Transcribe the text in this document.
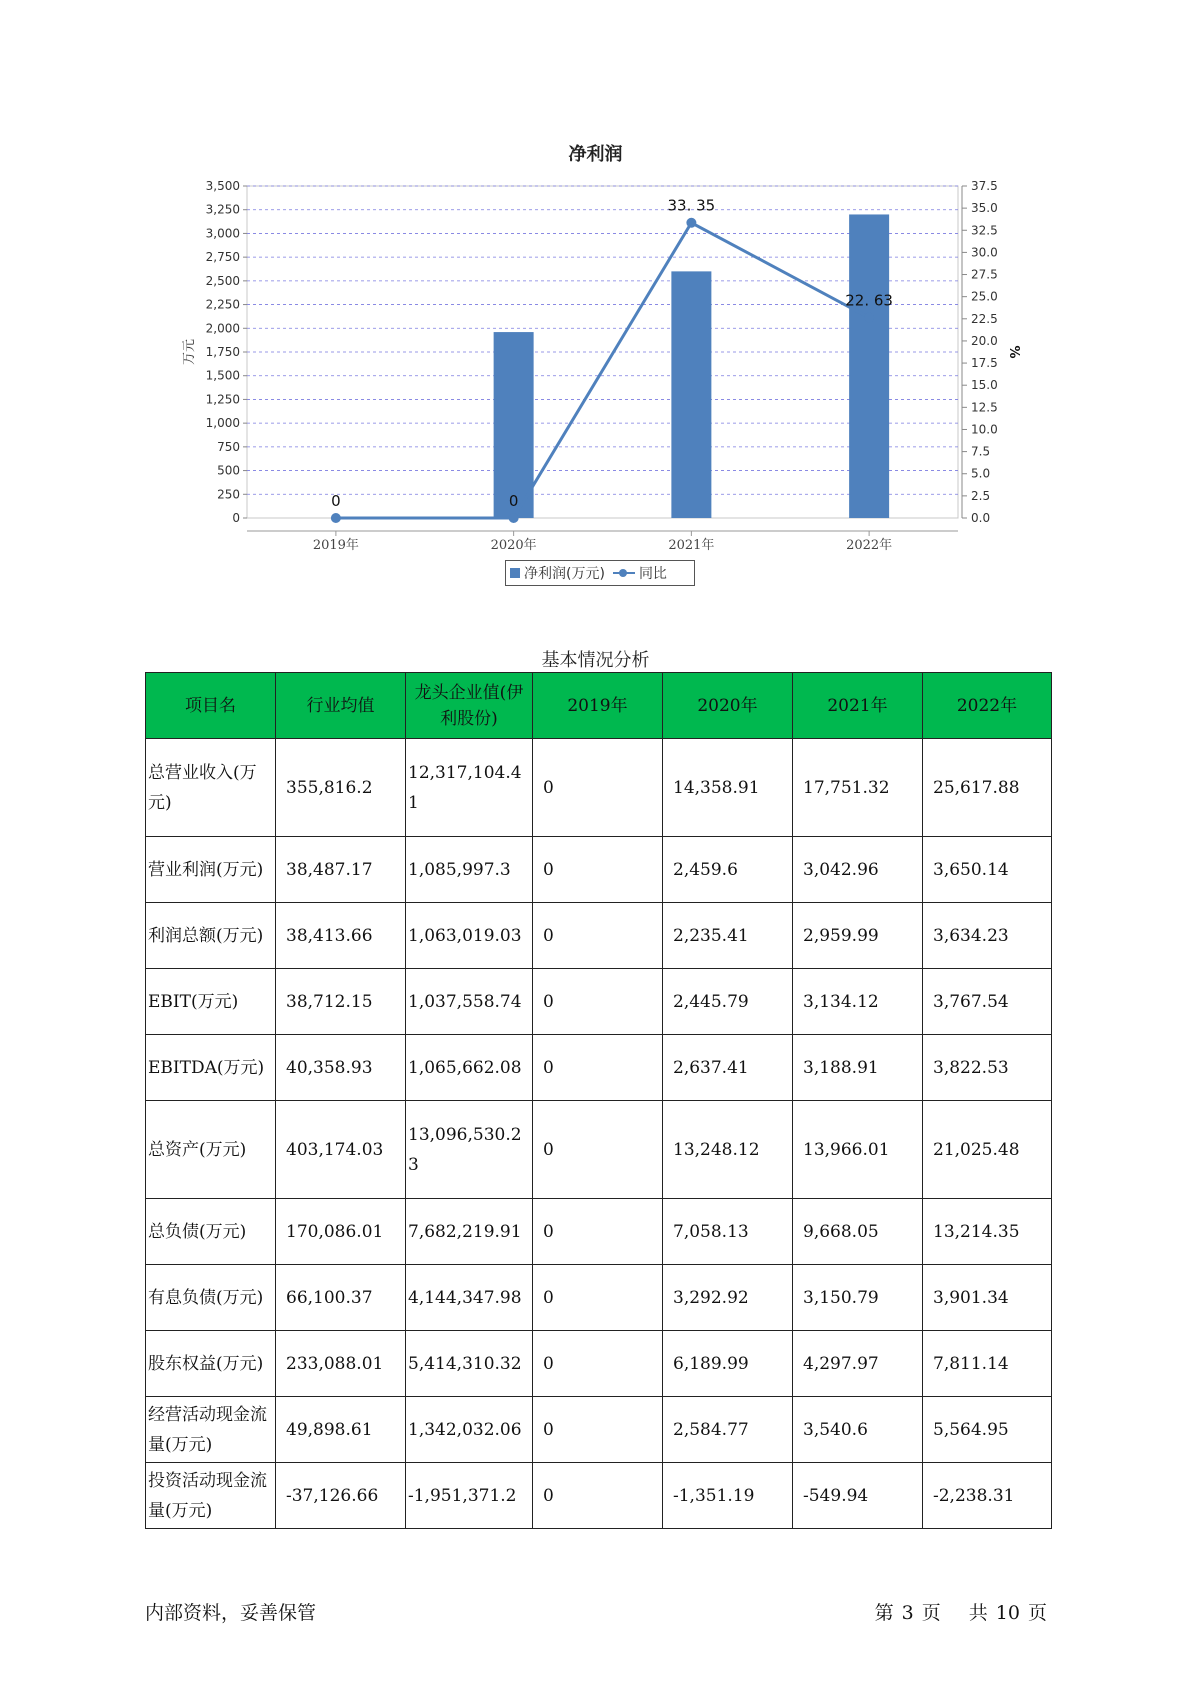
净利润
0
250
500
750
1,000
1,250
1,500
1,750
2,000
2,250
2,500
2,750
3,000
3,250
3,500
0.0
2.5
5.0
7.5
10.0
12.5
15.0
17.5
20.0
22.5
25.0
27.5
30.0
32.5
35.0
37.5
万元	%
2019年	2020年	2021年	2022年
0	0
33. 35
22. 63
净利润(万元) 同比
基本情况分析
项目名	行业均值	龙头企业值(伊利股份)	2019年	2020年	2021年	2022年
总营业收入(万元)	355,816.2	12,317,104.41	0	14,358.91	17,751.32	25,617.88
营业利润(万元)	38,487.17	1,085,997.3	0	2,459.6	3,042.96	3,650.14
利润总额(万元)	38,413.66	1,063,019.03	0	2,235.41	2,959.99	3,634.23
EBIT(万元)	38,712.15	1,037,558.74	0	2,445.79	3,134.12	3,767.54
EBITDA(万元)	40,358.93	1,065,662.08	0	2,637.41	3,188.91	3,822.53
总资产(万元)	403,174.03	13,096,530.23	0	13,248.12	13,966.01	21,025.48
总负债(万元)	170,086.01	7,682,219.91	0	7,058.13	9,668.05	13,214.35
有息负债(万元)	66,100.37	4,144,347.98	0	3,292.92	3,150.79	3,901.34
股东权益(万元)	233,088.01	5,414,310.32	0	6,189.99	4,297.97	7,811.14
经营活动现金流量(万元)	49,898.61	1,342,032.06	0	2,584.77	3,540.6	5,564.95
投资活动现金流量(万元)	-37,126.66	-1,951,371.2	0	-1,351.19	-549.94	-2,238.31
内部资料，妥善保管	第 3 页 共 10 页
